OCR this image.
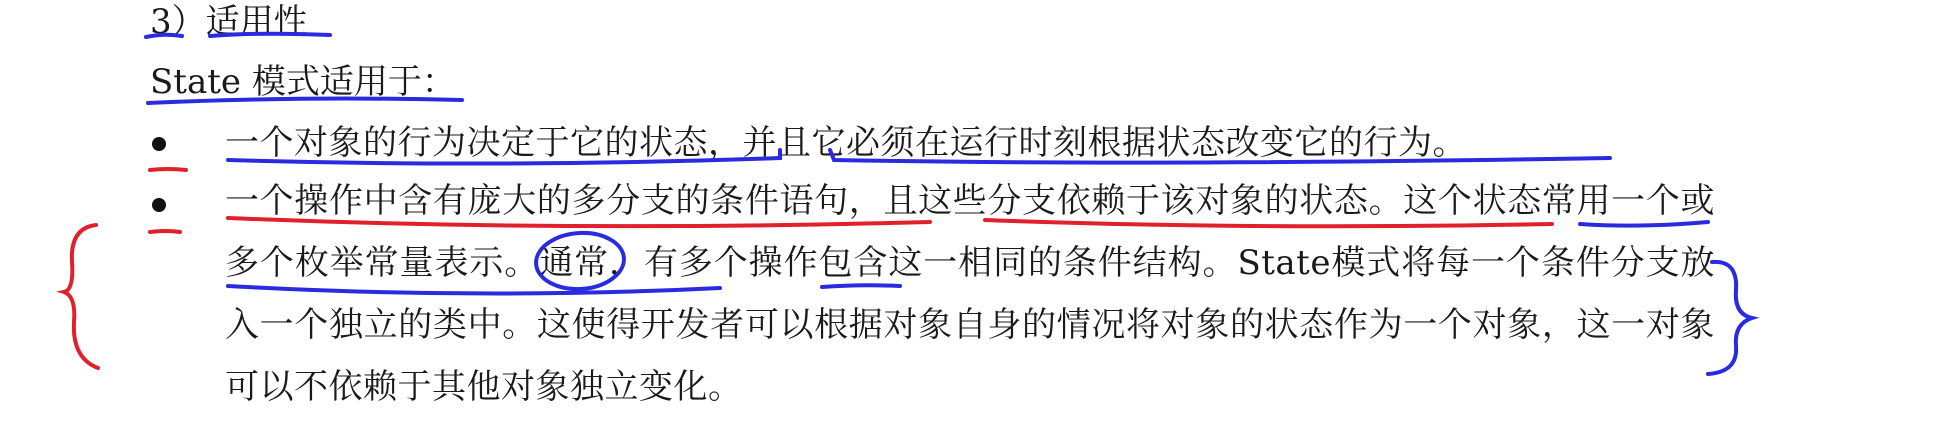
3）适用性
State 模式适用于：
一个对象的行为决定于它的状态，并且它必须在运行时刻根据状态改变它的行为。
一个操作中含有庞大的多分支的条件语句，且这些分支依赖于该对象的状态。这个状态常用一个或多个枚举常量表示。通常，有多个操作包含这一相同的条件结构。State模式将每一个条件分支放入一个独立的类中。这使得开发者可以根据对象自身的情况将对象的状态作为一个对象，这一对象可以不依赖于其他对象独立变化。
